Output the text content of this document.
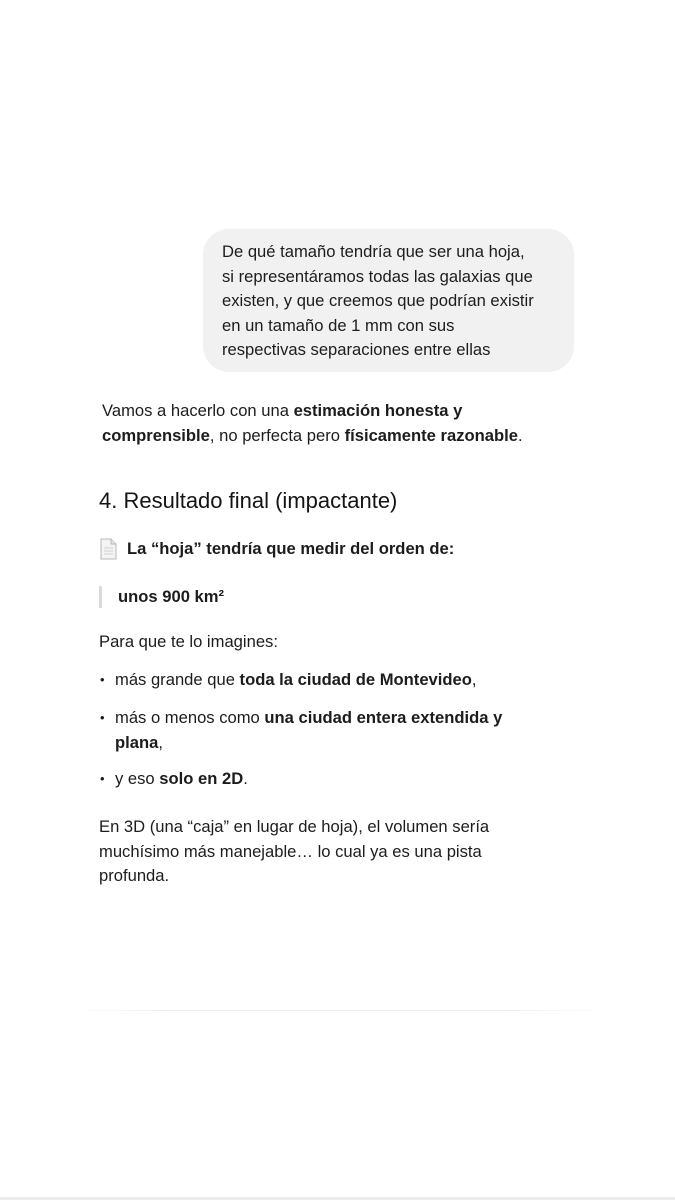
De qué tamaño tendría que ser una hoja,
si representáramos todas las galaxias que
existen, y que creemos que podrían existir
en un tamaño de 1 mm con sus
respectivas separaciones entre ellas
Vamos a hacerlo con una estimación honesta y
comprensible, no perfecta pero físicamente razonable.
4. Resultado final (impactante)
La “hoja” tendría que medir del orden de:
unos 900 km²
Para que te lo imagines:
• más grande que toda la ciudad de Montevideo,
• más o menos como una ciudad entera extendida y
plana,
• y eso solo en 2D.
En 3D (una “caja” en lugar de hoja), el volumen sería
muchísimo más manejable… lo cual ya es una pista
profunda.
